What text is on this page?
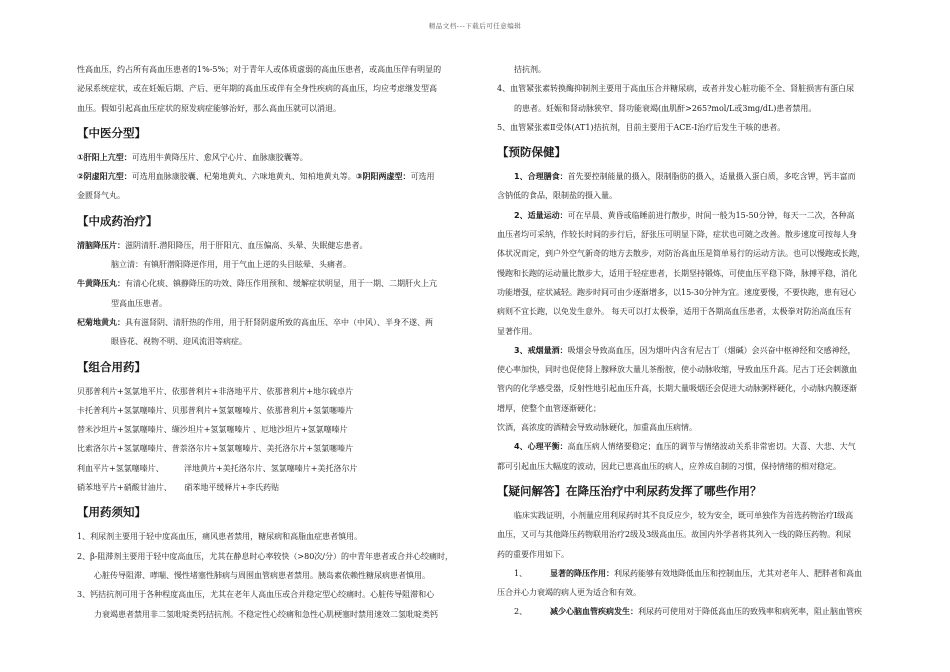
精品文档---下载后可任意编辑

性高血压，约占所有高血压患者的1%-5%；对于青年人或体质虚弱的高血压患者，或高血压伴有明显的

泌尿系统症状，或在妊娠后期、产后、更年期的高血压或伴有全身性疾病的高血压，均应考虑继发型高

血压。假如引起高血压症状的原发病症能够治好，那么高血压就可以消退。

【中医分型】

①肝阳上亢型：可选用牛黄降压片、愈风宁心片、血脉康胶囊等。

②阴虚阳亢型：可选用血脉康胶囊、杞菊地黄丸、六味地黄丸、知柏地黄丸等。③阴阳两虚型：可选用

金匮肾气丸。

【中成药治疗】

清脑降压片：滋阴清肝.潜阳降压，用于肝阳亢、血压偏高、头晕、失眠健忘患者。

脑立清：有镇肝潜阳降逆作用，用于气血上逆的头目眩晕、头痛者。

牛黄降压丸：有清心化痰、镇静降压的功效、降压作用预和、缓解症状明显，用于一期、二期肝火上亢

型高血压患者。

杞菊地黄丸：具有滋肾阴、清肝热的作用，用于肝肾阴虚所致的高血压、卒中（中风）、半身不遂、两

眼昏花、视物不明、迎风流泪等病症。

【组合用药】

贝那普利片+氢氯地平片、依那普利片+非洛地平片、依那普利片+地尔硫卓片

卡托普利片+氢氯噻嗪片、贝那普利片+氢氯噻嗪片、依那普利片+氢氯噻嗪片

替米沙坦片+氢氯噻嗪片、缬沙坦片+氢氯噻嗪片 、厄地沙坦片+氢氯噻嗪片

比索洛尔片+氢氯噻嗪片、普萘洛尔片+氢氯噻嗪片、美托洛尔片+氢氯噻嗪片

利血平片+氢氯噻嗪片、        洋地黄片+美托洛尔片、氢氯噻嗪片+美托洛尔片

硝苯地平片+硝酸甘油片、     硝苯地平缓释片+李氏药贴

【用药须知】

1、利尿剂主要用于轻中度高血压，痛风患者禁用，糖尿病和高脂血症患者慎用。

2、β-阻滞剂主要用于轻中度高血压，尤其在静息时心率较快（>80次/分）的中青年患者或合并心绞痛时，

心脏传导阻滞、哮喘、慢性堵塞性肺病与周围血管病患者禁用。胰岛素依赖性糖尿病患者慎用。

3、钙拮抗剂可用于各种程度高血压，尤其在老年人高血压或合并稳定型心绞痛时。心脏传导阻滞和心

力衰竭患者禁用非二氢吡啶类钙拮抗剂。不稳定性心绞痛和急性心肌梗塞时禁用速效二氢吡啶类钙

拮抗剂。

4、血管紧张素转换酶抑制剂主要用于高血压合并糖尿病，或者并发心脏功能不全、肾脏损害有蛋白尿

的患者。妊娠和肾动脉狭窄、肾功能衰竭(血肌酐>265?mol/L或3mg/dL)患者禁用。

5、血管紧张素Ⅱ受体(AT1)拮抗剂，目前主要用于ACE-I治疗后发生干咳的患者。

【预防保健】

1、合理膳食：首先要控制能量的摄入，限制脂肪的摄入，适量摄入蛋白质，多吃含钾，钙丰富而

含钠低的食品，限制盐的摄入量。

2、适量运动：可在早晨、黄昏或临睡前进行散步，时间一般为15-50分钟，每天一二次，各种高

血压者均可采纳，作较长时间的步行后，舒张压可明显下降，症状也可随之改善。散步速度可按每人身

体状况而定，到户外空气新奇的地方去散步，对防治高血压是简单易行的运动方法。也可以慢跑或长跑，

慢跑和长跑的运动量比散步大，适用于轻症患者，长期坚持锻炼，可使血压平稳下降，脉搏平稳，消化

功能增强，症状减轻。跑步时间可由少逐渐增多，以15-30分钟为宜。速度要慢，不要快跑，患有冠心

病则不宜长跑，以免发生意外。 每天可以打太极拳，适用于各期高血压患者，太极拳对防治高血压有

显著作用。

3、戒烟量酒：吸烟会导致高血压，因为烟叶内含有尼古丁（烟碱）会兴奋中枢神经和交感神经，

使心率加快，同时也促使肾上腺释放大量儿茶酚胺，使小动脉收缩，导致血压升高。尼古丁还会刺激血

管内的化学感受器，反射性地引起血压升高，长期大量吸烟还会促进大动脉粥样硬化，小动脉内膜逐渐

增厚，使整个血管逐渐硬化；

饮酒，高浓度的酒精会导致动脉硬化，加重高血压病情。

4、心理平衡：高血压病人情绪要稳定；血压的调节与情绪波动关系非常密切。大喜、大悲、大气

都可引起血压大幅度的波动，因此已患高血压的病人，应养成自制的习惯，保持情绪的相对稳定。

【疑问解答】在降压治疗中利尿药发挥了哪些作用？

临床实践证明，小剂量应用利尿药时其不良反应少，较为安全，既可单独作为首选药物治疗Ⅰ级高

血压，又可与其他降压药物联用治疗2级及3级高血压。故国内外学者将其列入一线的降压药物。利尿

药的重要作用如下。

1、	显著的降压作用：利尿药能够有效地降低血压和控制血压，尤其对老年人、肥胖者和高血

压合并心力衰竭的病人更为适合和有效。

2、	减少心脑血管疾病发生：利尿药可使用对于降低高血压的致残率和病死率，阻止脑血管疾
